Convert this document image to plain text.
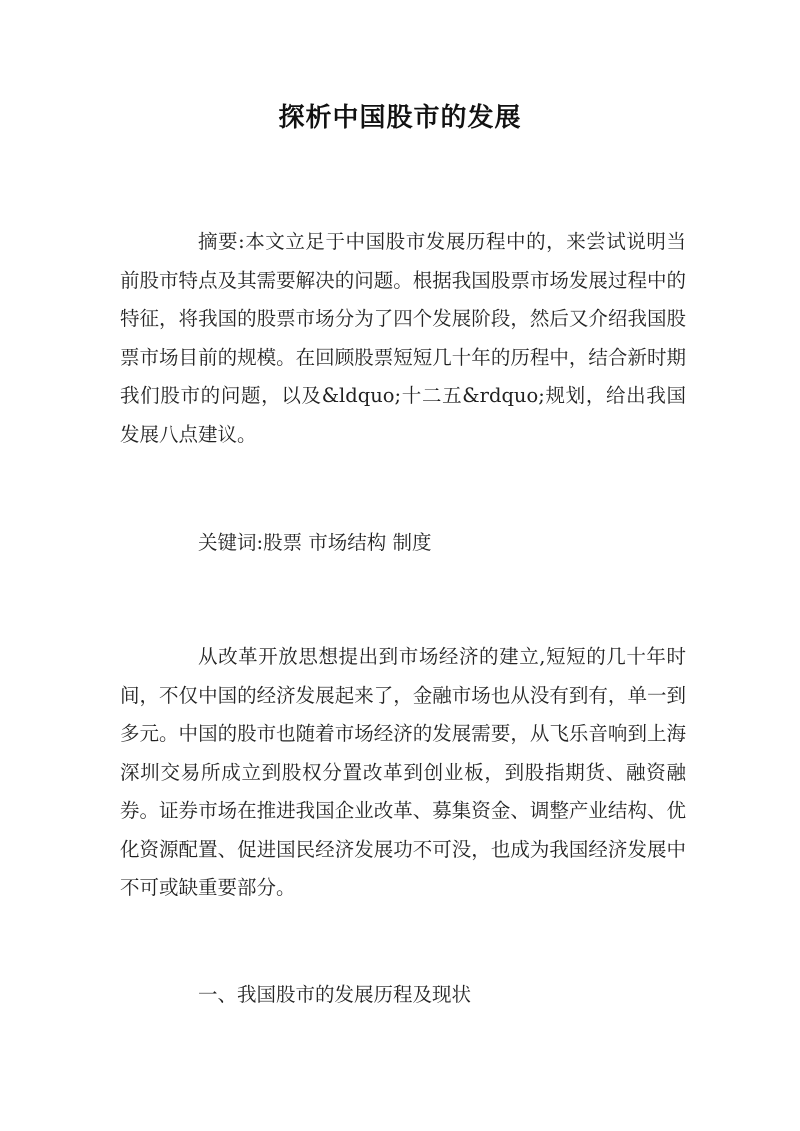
探析中国股市的发展

摘要:本文立足于中国股市发展历程中的，来尝试说明当前股市特点及其需要解决的问题。根据我国股票市场发展过程中的特征，将我国的股票市场分为了四个发展阶段，然后又介绍我国股票市场目前的规模。在回顾股票短短几十年的历程中，结合新时期我们股市的问题，以及&ldquo;十二五&rdquo;规划，给出我国发展八点建议。

关键词:股票 市场结构 制度

从改革开放思想提出到市场经济的建立,短短的几十年时间，不仅中国的经济发展起来了，金融市场也从没有到有，单一到多元。中国的股市也随着市场经济的发展需要，从飞乐音响到上海深圳交易所成立到股权分置改革到创业板，到股指期货、融资融券。证券市场在推进我国企业改革、募集资金、调整产业结构、优化资源配置、促进国民经济发展功不可没，也成为我国经济发展中不可或缺重要部分。

一、我国股市的发展历程及现状
